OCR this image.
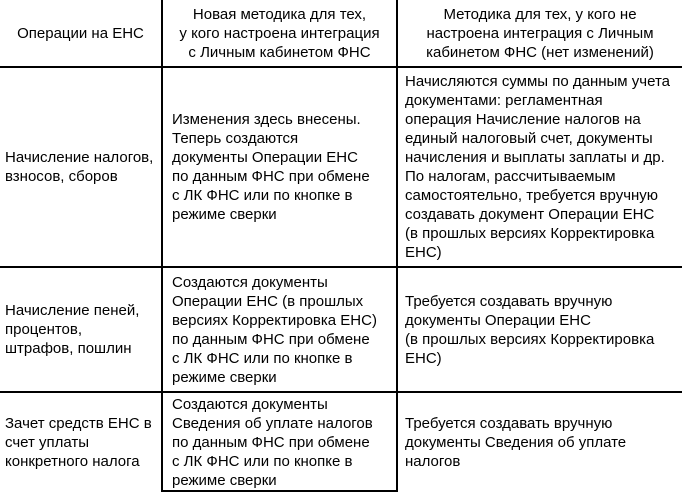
Операции на ЕНС
Новая методика для тех,
у кого настроена интеграция
с Личным кабинетом ФНС
Методика для тех, у кого не
настроена интеграция с Личным
кабинетом ФНС (нет изменений)
Начисление налогов,
взносов, сборов
Изменения здесь внесены.
Теперь создаются
документы Операции ЕНС
по данным ФНС при обмене
с ЛК ФНС или по кнопке в
режиме сверки
Начисляются суммы по данным учета
документами: регламентная
операция Начисление налогов на
единый налоговый счет, документы
начисления и выплаты заплаты и др.
По налогам, рассчитываемым
самостоятельно, требуется вручную
создавать документ Операции ЕНС
(в прошлых версиях Корректировка
ЕНС)
Начисление пеней,
процентов,
штрафов, пошлин
Создаются документы
Операции ЕНС (в прошлых
версиях Корректировка ЕНС)
по данным ФНС при обмене
с ЛК ФНС или по кнопке в
режиме сверки
Требуется создавать вручную
документы Операции ЕНС
(в прошлых версиях Корректировка
ЕНС)
Зачет средств ЕНС в
счет уплаты
конкретного налога
Создаются документы
Сведения об уплате налогов
по данным ФНС при обмене
с ЛК ФНС или по кнопке в
режиме сверки
Требуется создавать вручную
документы Сведения об уплате
налогов
